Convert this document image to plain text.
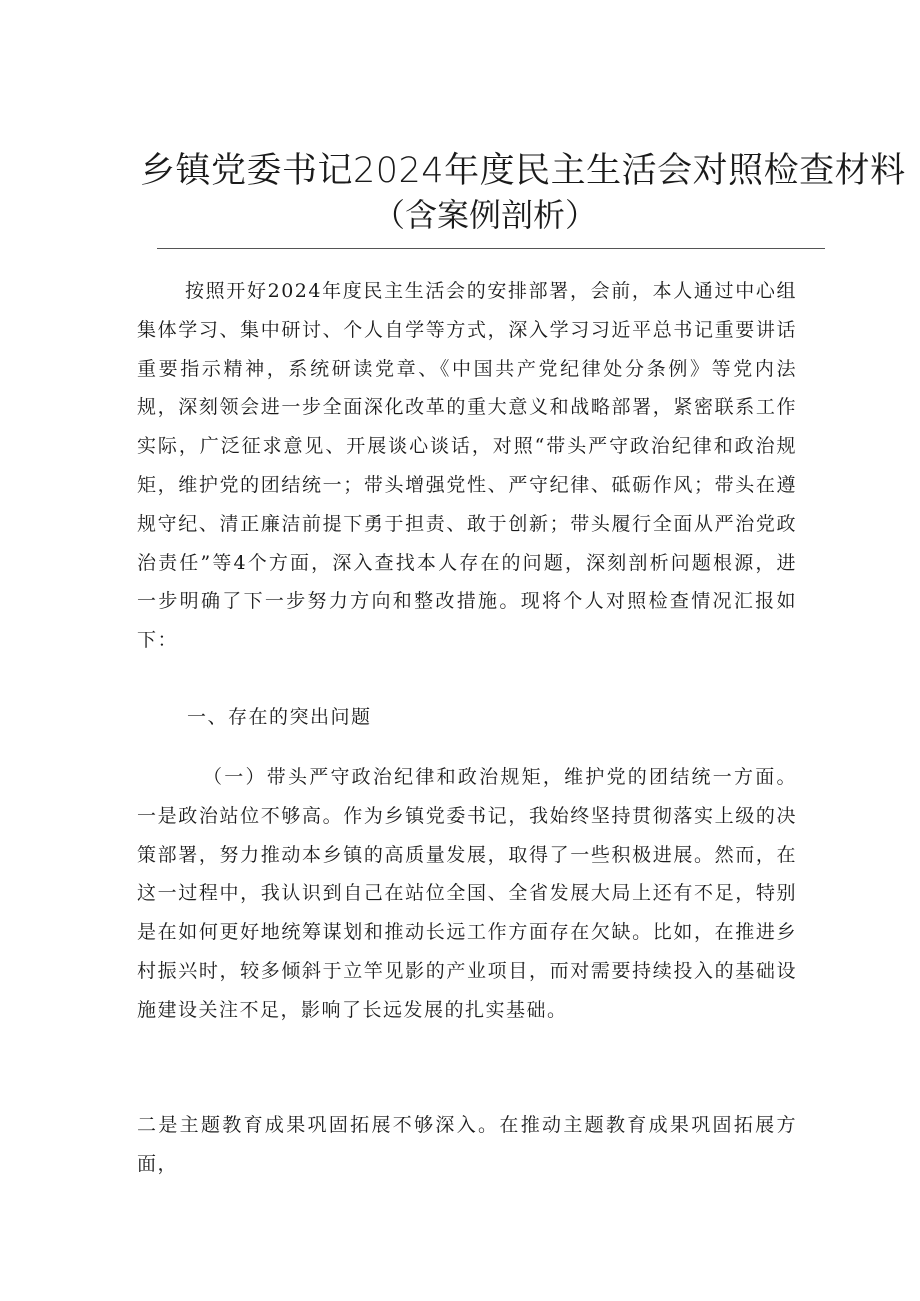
乡镇党委书记2024年度民主生活会对照检查材料
（含案例剖析）
按照开好2024年度民主生活会的安排部署，会前，本人通过中心组集体学习、集中研讨、个人自学等方式，深入学习习近平总书记重要讲话重要指示精神，系统研读党章、《中国共产党纪律处分条例》等党内法规，深刻领会进一步全面深化改革的重大意义和战略部署，紧密联系工作实际，广泛征求意见、开展谈心谈话，对照“带头严守政治纪律和政治规矩，维护党的团结统一；带头增强党性、严守纪律、砥砺作风；带头在遵规守纪、清正廉洁前提下勇于担责、敢于创新；带头履行全面从严治党政治责任”等4个方面，深入查找本人存在的问题，深刻剖析问题根源，进一步明确了下一步努力方向和整改措施。现将个人对照检查情况汇报如下：
一、存在的突出问题
（一）带头严守政治纪律和政治规矩，维护党的团结统一方面。一是政治站位不够高。作为乡镇党委书记，我始终坚持贯彻落实上级的决策部署，努力推动本乡镇的高质量发展，取得了一些积极进展。然而，在这一过程中，我认识到自己在站位全国、全省发展大局上还有不足，特别是在如何更好地统筹谋划和推动长远工作方面存在欠缺。比如，在推进乡村振兴时，较多倾斜于立竿见影的产业项目，而对需要持续投入的基础设施建设关注不足，影响了长远发展的扎实基础。
二是主题教育成果巩固拓展不够深入。在推动主题教育成果巩固拓展方面，
